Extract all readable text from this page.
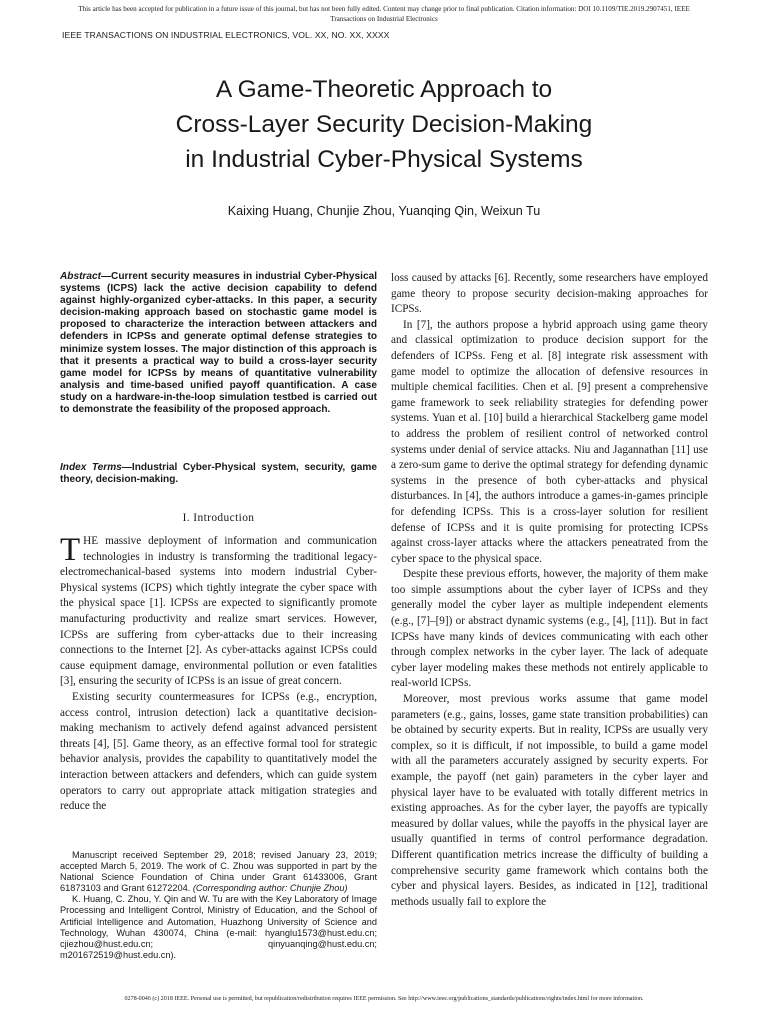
This article has been accepted for publication in a future issue of this journal, but has not been fully edited. Content may change prior to final publication. Citation information: DOI 10.1109/TIE.2019.2907451, IEEE
Transactions on Industrial Electronics
IEEE TRANSACTIONS ON INDUSTRIAL ELECTRONICS, VOL. XX, NO. XX, XXXX
A Game-Theoretic Approach to
Cross-Layer Security Decision-Making
in Industrial Cyber-Physical Systems
Kaixing Huang, Chunjie Zhou, Yuanqing Qin, Weixun Tu

Abstract—Current security measures in industrial Cyber-Physical systems (ICPS) lack the active decision capability to defend against highly-organized cyber-attacks. In this paper, a security decision-making approach based on stochastic game model is proposed to characterize the interaction between attackers and defenders in ICPSs and generate optimal defense strategies to minimize system losses. The major distinction of this approach is that it presents a practical way to build a cross-layer security game model for ICPSs by means of quantitative vulnerability analysis and time-based unified payoff quantification. A case study on a hardware-in-the-loop simulation testbed is carried out to demonstrate the feasibility of the proposed approach.

Index Terms—Industrial Cyber-Physical system, security, game theory, decision-making.

I. Introduction

THE massive deployment of information and communication technologies in industry is transforming the traditional legacy-electromechanical-based systems into modern industrial Cyber-Physical systems (ICPS) which tightly integrate the cyber space with the physical space [1]. ICPSs are expected to significantly promote manufacturing productivity and realize smart services. However, ICPSs are suffering from cyber-attacks due to their increasing connections to the Internet [2]. As cyber-attacks against ICPSs could cause equipment damage, environmental pollution or even fatalities [3], ensuring the security of ICPSs is an issue of great concern.

Existing security countermeasures for ICPSs (e.g., encryption, access control, intrusion detection) lack a quantitative decision-making mechanism to actively defend against advanced persistent threats [4], [5]. Game theory, as an effective formal tool for strategic behavior analysis, provides the capability to quantitatively model the interaction between attackers and defenders, which can guide system operators to carry out appropriate attack mitigation strategies and reduce the

Manuscript received September 29, 2018; revised January 23, 2019; accepted March 5, 2019. The work of C. Zhou was supported in part by the National Science Foundation of China under Grant 61433006, Grant 61873103 and Grant 61272204. (Corresponding author: Chunjie Zhou)

K. Huang, C. Zhou, Y. Qin and W. Tu are with the Key Laboratory of Image Processing and Intelligent Control, Ministry of Education, and the School of Artificial Intelligence and Automation, Huazhong University of Science and Technology, Wuhan 430074, China (e-mail: hyanglu1573@hust.edu.cn; cjiezhou@hust.edu.cn; qinyuanqing@hust.edu.cn; m201672519@hust.edu.cn).

loss caused by attacks [6]. Recently, some researchers have employed game theory to propose security decision-making approaches for ICPSs.

In [7], the authors propose a hybrid approach using game theory and classical optimization to produce decision support for the defenders of ICPSs. Feng et al. [8] integrate risk assessment with game model to optimize the allocation of defensive resources in multiple chemical facilities. Chen et al. [9] present a comprehensive game framework to seek reliability strategies for defending power systems. Yuan et al. [10] build a hierarchical Stackelberg game model to address the problem of resilient control of networked control systems under denial of service attacks. Niu and Jagannathan [11] use a zero-sum game to derive the optimal strategy for defending dynamic systems in the presence of both cyber-attacks and physical disturbances. In [4], the authors introduce a games-in-games principle for defending ICPSs. This is a cross-layer solution for resilient defense of ICPSs and it is quite promising for protecting ICPSs against cross-layer attacks where the attackers peneatrated from the cyber space to the physical space.

Despite these previous efforts, however, the majority of them make too simple assumptions about the cyber layer of ICPSs and they generally model the cyber layer as multiple independent elements (e.g., [7]–[9]) or abstract dynamic systems (e.g., [4], [11]). But in fact ICPSs have many kinds of devices communicating with each other through complex networks in the cyber layer. The lack of adequate cyber layer modeling makes these methods not entirely applicable to real-world ICPSs.

Moreover, most previous works assume that game model parameters (e.g., gains, losses, game state transition probabilities) can be obtained by security experts. But in reality, ICPSs are usually very complex, so it is difficult, if not impossible, to build a game model with all the parameters accurately assigned by security experts. For example, the payoff (net gain) parameters in the cyber layer and physical layer have to be evaluated with totally different metrics in existing approaches. As for the cyber layer, the payoffs are typically measured by dollar values, while the payoffs in the physical layer are usually quantified in terms of control performance degradation. Different quantification metrics increase the difficulty of building a comprehensive security game framework which contains both the cyber and physical layers. Besides, as indicated in [12], traditional methods usually fail to explore the

0278-0046 (c) 2018 IEEE. Personal use is permitted, but republication/redistribution requires IEEE permission. See http://www.ieee.org/publications_standards/publications/rights/index.html for more information.
